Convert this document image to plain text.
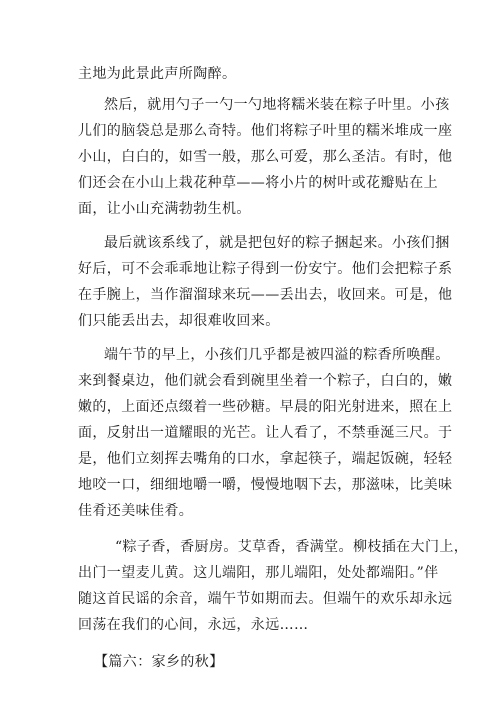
主地为此景此声所陶醉。
然后，就用勺子一勺一勺地将糯米装在粽子叶里。小孩
儿们的脑袋总是那么奇特。他们将粽子叶里的糯米堆成一座
小山，白白的，如雪一般，那么可爱，那么圣洁。有时，他
们还会在小山上栽花种草——将小片的树叶或花瓣贴在上
面，让小山充满勃勃生机。
最后就该系线了，就是把包好的粽子捆起来。小孩们捆
好后，可不会乖乖地让粽子得到一份安宁。他们会把粽子系
在手腕上，当作溜溜球来玩——丢出去，收回来。可是，他
们只能丢出去，却很难收回来。
端午节的早上，小孩们几乎都是被四溢的粽香所唤醒。
来到餐桌边，他们就会看到碗里坐着一个粽子，白白的，嫩
嫩的，上面还点缀着一些砂糖。早晨的阳光射进来，照在上
面，反射出一道耀眼的光芒。让人看了，不禁垂涎三尺。于
是，他们立刻挥去嘴角的口水，拿起筷子，端起饭碗，轻轻
地咬一口，细细地嚼一嚼，慢慢地咽下去，那滋味，比美味
佳肴还美味佳肴。
“粽子香，香厨房。艾草香，香满堂。柳枝插在大门上，
出门一望麦儿黄。这儿端阳，那儿端阳，处处都端阳。”伴
随这首民谣的余音，端午节如期而去。但端午的欢乐却永远
回荡在我们的心间，永远，永远……
【篇六：家乡的秋】
